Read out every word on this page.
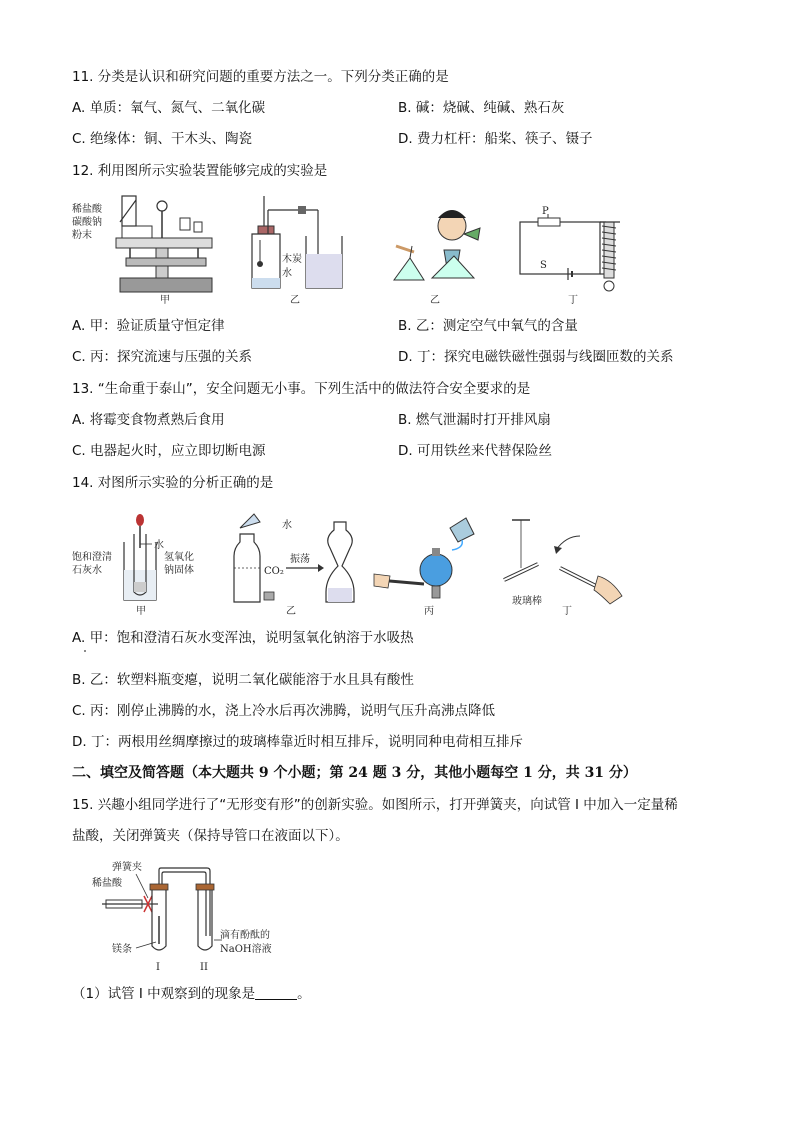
11. 分类是认识和研究问题的重要方法之一。下列分类正确的是
A. 单质：氧气、氮气、二氧化碳	B. 碱：烧碱、纯碱、熟石灰
C. 绝缘体：铜、干木头、陶瓷	D. 费力杠杆：船桨、筷子、镊子
12. 利用图所示实验装置能够完成的实验是
稀盐酸
碳酸钠
粉末
甲
木炭
水
乙	乙
P
S
丁
A. 甲：验证质量守恒定律	B. 乙：测定空气中氧气的含量
C. 丙：探究流速与压强的关系	D. 丁：探究电磁铁磁性强弱与线圈匝数的关系
13. “生命重于泰山”，安全问题无小事。下列生活中的做法符合安全要求的是
A. 将霉变食物煮熟后食用	B. 燃气泄漏时打开排风扇
C. 电器起火时，应立即切断电源	D. 可用铁丝来代替保险丝
14. 对图所示实验的分析正确的是
水
饱和澄清
石灰水
氢氧化
钠固体
甲
水
CO₂
振荡
乙	丙
玻璃棒
丁
A. 甲：饱和澄清石灰水变浑浊，说明氢氧化钠溶于水吸热
B. 乙：软塑料瓶变瘪，说明二氧化碳能溶于水且具有酸性
C. 丙：刚停止沸腾的水，浇上冷水后再次沸腾，说明气压升高沸点降低
D. 丁：两根用丝绸摩擦过的玻璃棒靠近时相互排斥，说明同种电荷相互排斥
二、填空及简答题（本大题共 9 个小题；第 24 题 3 分，其他小题每空 1 分，共 31 分）
15. 兴趣小组同学进行了“无形变有形”的创新实验。如图所示，打开弹簧夹，向试管 I 中加入一定量稀
盐酸，关闭弹簧夹（保持导管口在液面以下）。
弹簧夹
稀盐酸
镁条
I	II
滴有酚酞的
NaOH溶液
（1）试管 I 中观察到的现象是	。
